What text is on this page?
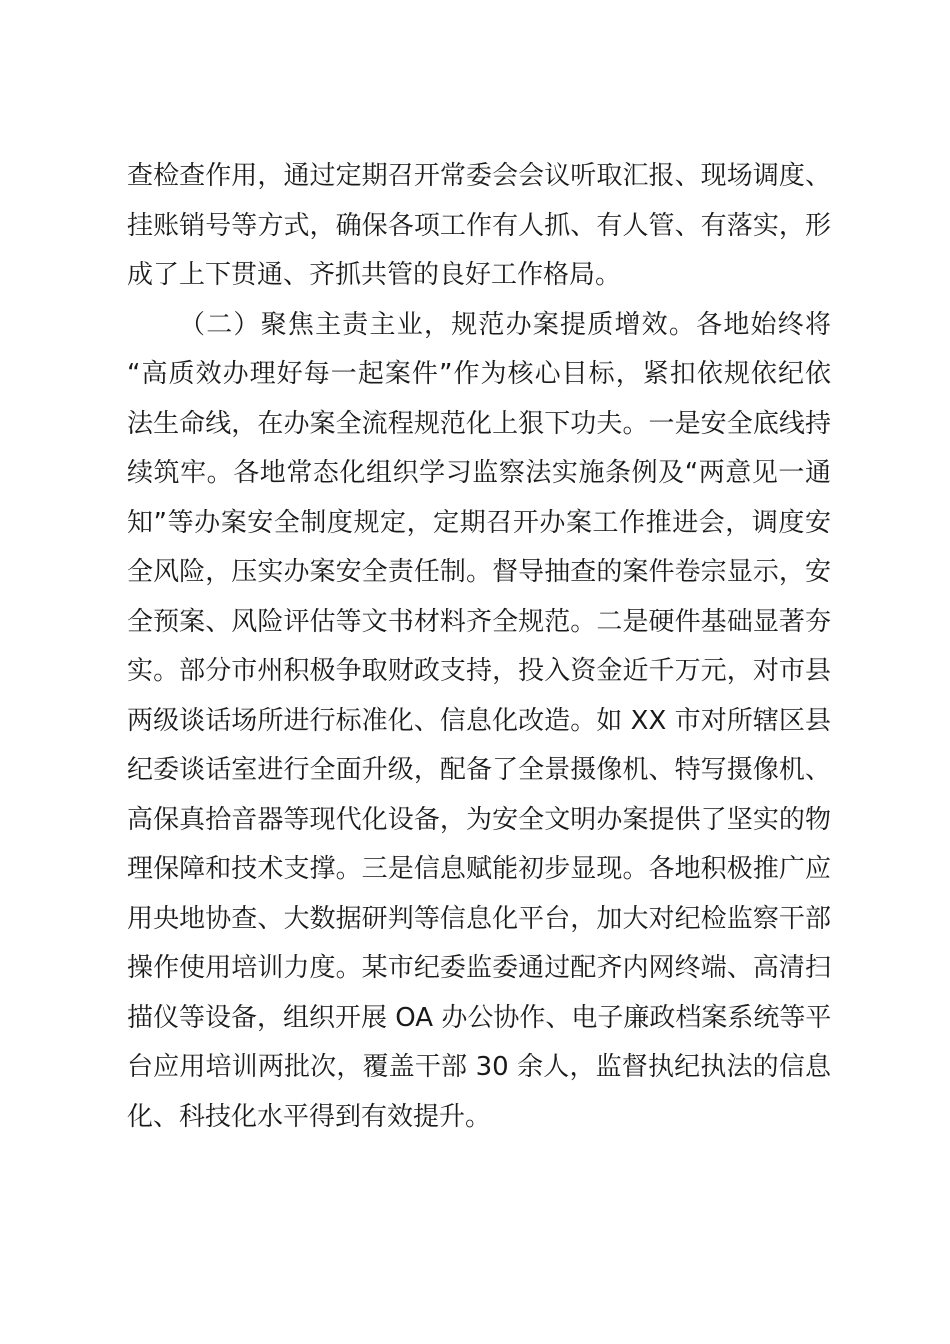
查检查作用，通过定期召开常委会会议听取汇报、现场调度、
挂账销号等方式，确保各项工作有人抓、有人管、有落实，形
成了上下贯通、齐抓共管的良好工作格局。
（二）聚焦主责主业，规范办案提质增效。各地始终将
“高质效办理好每一起案件”作为核心目标，紧扣依规依纪依
法生命线，在办案全流程规范化上狠下功夫。一是安全底线持
续筑牢。各地常态化组织学习监察法实施条例及“两意见一通
知”等办案安全制度规定，定期召开办案工作推进会，调度安
全风险，压实办案安全责任制。督导抽查的案件卷宗显示，安
全预案、风险评估等文书材料齐全规范。二是硬件基础显著夯
实。部分市州积极争取财政支持，投入资金近千万元，对市县
两级谈话场所进行标准化、信息化改造。如 XX 市对所辖区县
纪委谈话室进行全面升级，配备了全景摄像机、特写摄像机、
高保真拾音器等现代化设备，为安全文明办案提供了坚实的物
理保障和技术支撑。三是信息赋能初步显现。各地积极推广应
用央地协查、大数据研判等信息化平台，加大对纪检监察干部
操作使用培训力度。某市纪委监委通过配齐内网终端、高清扫
描仪等设备，组织开展 OA 办公协作、电子廉政档案系统等平
台应用培训两批次，覆盖干部 30 余人，监督执纪执法的信息
化、科技化水平得到有效提升。
